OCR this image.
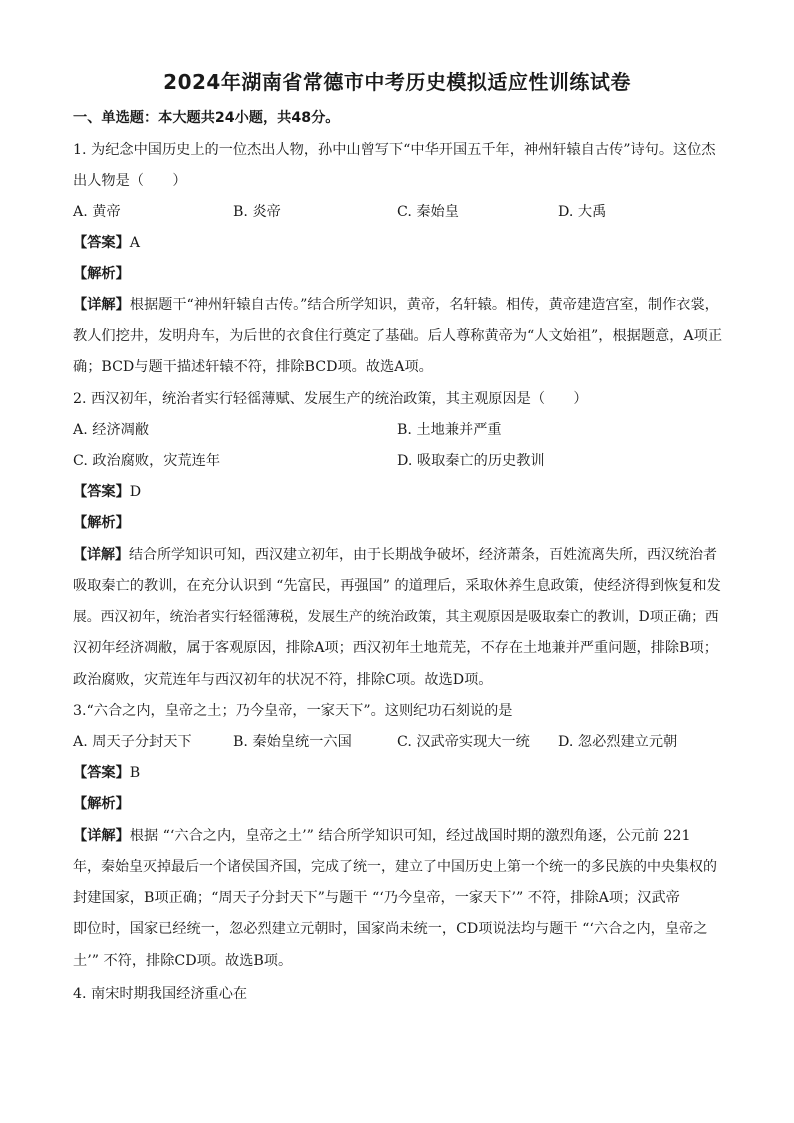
2024年湖南省常德市中考历史模拟适应性训练试卷
一、单选题：本大题共24小题，共48分。
1. 为纪念中国历史上的一位杰出人物，孙中山曾写下“中华开国五千年，神州轩辕自古传”诗句。这位杰
出人物是（　　）
A. 黄帝	B. 炎帝	C. 秦始皇	D. 大禹
【答案】A
【解析】
【详解】根据题干“神州轩辕自古传。”结合所学知识，黄帝，名轩辕。相传，黄帝建造宫室，制作衣裳，
教人们挖井，发明舟车，为后世的衣食住行奠定了基础。后人尊称黄帝为“人文始祖”，根据题意，A项正
确；BCD与题干描述轩辕不符，排除BCD项。故选A项。
2. 西汉初年，统治者实行轻徭薄赋、发展生产的统治政策，其主观原因是（　　）
A. 经济凋敝	B. 土地兼并严重
C. 政治腐败，灾荒连年	D. 吸取秦亡的历史教训
【答案】D
【解析】
【详解】结合所学知识可知，西汉建立初年，由于长期战争破坏，经济萧条，百姓流离失所，西汉统治者
吸取秦亡的教训，在充分认识到 “先富民，再强国” 的道理后，采取休养生息政策，使经济得到恢复和发
展。西汉初年，统治者实行轻徭薄税，发展生产的统治政策，其主观原因是吸取秦亡的教训，D项正确；西
汉初年经济凋敝，属于客观原因，排除A项；西汉初年土地荒芜，不存在土地兼并严重问题，排除B项；
政治腐败，灾荒连年与西汉初年的状况不符，排除C项。故选D项。
3.“六合之内，皇帝之土；乃今皇帝，一家天下”。这则纪功石刻说的是
A. 周天子分封天下	B. 秦始皇统一六国	C. 汉武帝实现大一统 D. 忽必烈建立元朝
【答案】B
【解析】
【详解】根据 “‘六合之内，皇帝之土’” 结合所学知识可知，经过战国时期的激烈角逐，公元前 221
年，秦始皇灭掉最后一个诸侯国齐国，完成了统一，建立了中国历史上第一个统一的多民族的中央集权的
封建国家，B项正确；“周天子分封天下”与题干 “‘乃今皇帝，一家天下’” 不符，排除A项；汉武帝
即位时，国家已经统一，忽必烈建立元朝时，国家尚未统一，CD项说法均与题干 “‘六合之内，皇帝之
土’” 不符，排除CD项。故选B项。
4. 南宋时期我国经济重心在
